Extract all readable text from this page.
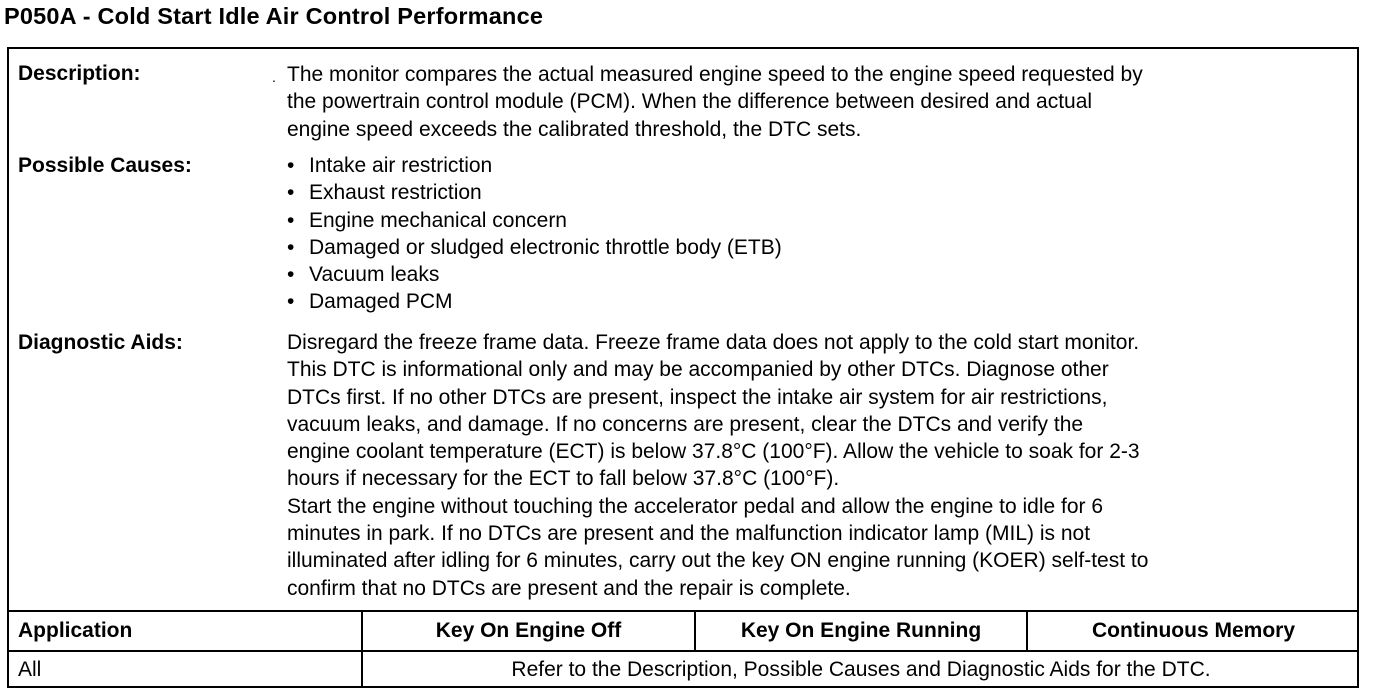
P050A - Cold Start Idle Air Control Performance
Description:	. The monitor compares the actual measured engine speed to the engine speed requested by
the powertrain control module (PCM). When the difference between desired and actual
engine speed exceeds the calibrated threshold, the DTC sets.
Possible Causes:
•	Intake air restriction
• Exhaust restriction
• Engine mechanical concern
• Damaged or sludged electronic throttle body (ETB)
• Vacuum leaks
• Damaged PCM
Diagnostic Aids:	Disregard the freeze frame data. Freeze frame data does not apply to the cold start monitor.
This DTC is informational only and may be accompanied by other DTCs. Diagnose other
DTCs first. If no other DTCs are present, inspect the intake air system for air restrictions,
vacuum leaks, and damage. If no concerns are present, clear the DTCs and verify the
engine coolant temperature (ECT) is below 37.8°C (100°F). Allow the vehicle to soak for 2-3
hours if necessary for the ECT to fall below 37.8°C (100°F).
Start the engine without touching the accelerator pedal and allow the engine to idle for 6
minutes in park. If no DTCs are present and the malfunction indicator lamp (MIL) is not
illuminated after idling for 6 minutes, carry out the key ON engine running (KOER) self-test to
confirm that no DTCs are present and the repair is complete.
Application	Key On Engine Off	Key On Engine Running	Continuous Memory
All	Refer to the Description, Possible Causes and Diagnostic Aids for the DTC.
